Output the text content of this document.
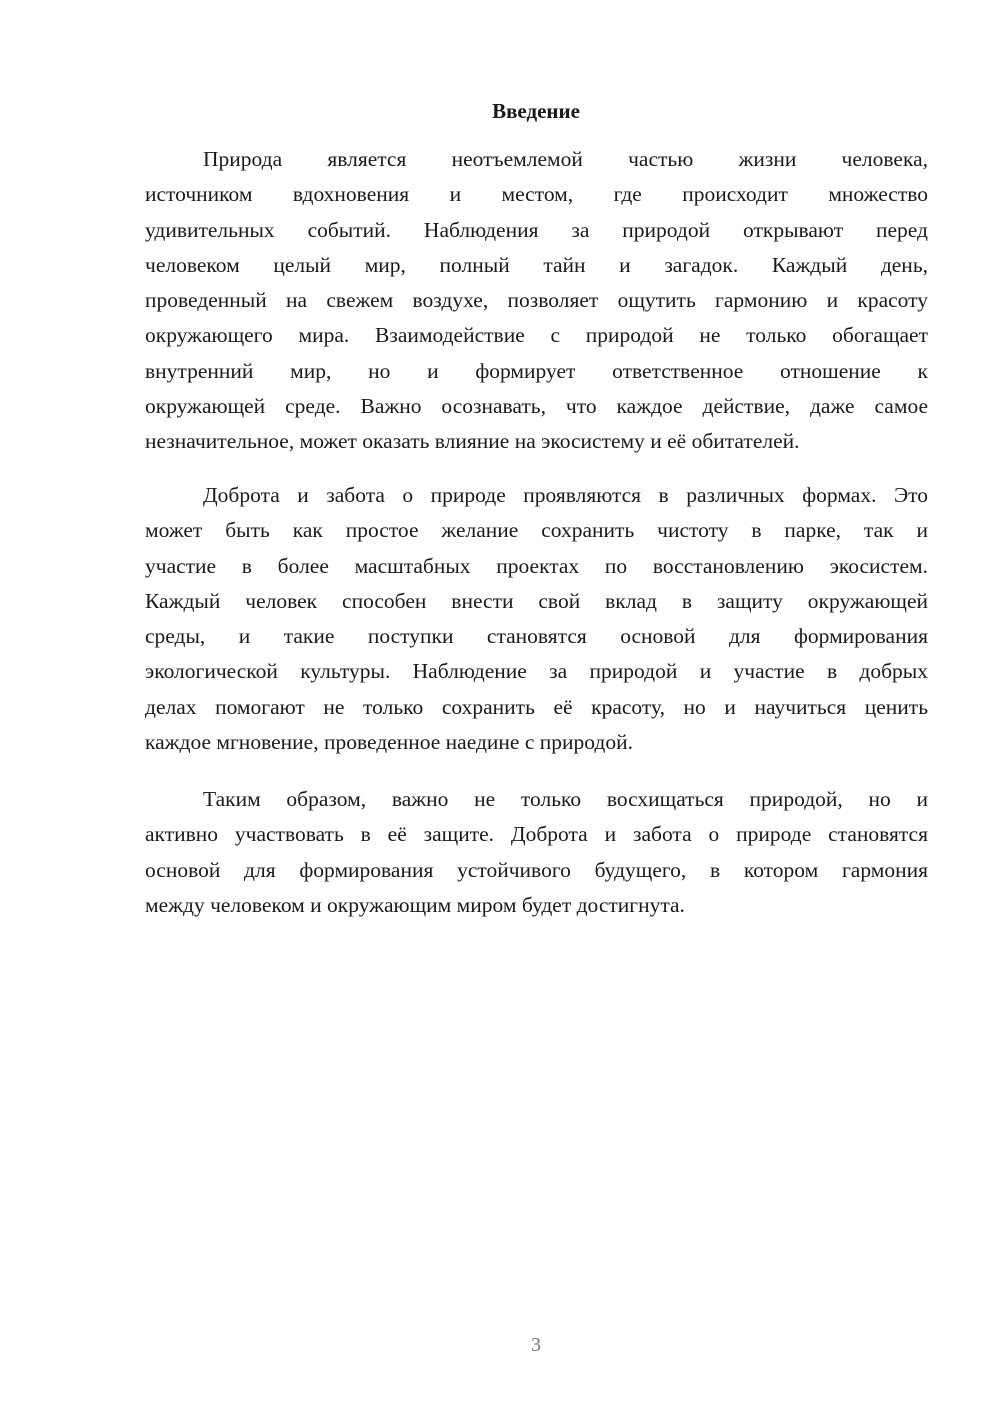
Введение
Природа является неотъемлемой частью жизни человека,
источником вдохновения и местом, где происходит множество
удивительных событий. Наблюдения за природой открывают перед
человеком целый мир, полный тайн и загадок. Каждый день,
проведенный на свежем воздухе, позволяет ощутить гармонию и красоту
окружающего мира. Взаимодействие с природой не только обогащает
внутренний мир, но и формирует ответственное отношение к
окружающей среде. Важно осознавать, что каждое действие, даже самое
незначительное, может оказать влияние на экосистему и её обитателей.
Доброта и забота о природе проявляются в различных формах. Это
может быть как простое желание сохранить чистоту в парке, так и
участие в более масштабных проектах по восстановлению экосистем.
Каждый человек способен внести свой вклад в защиту окружающей
среды, и такие поступки становятся основой для формирования
экологической культуры. Наблюдение за природой и участие в добрых
делах помогают не только сохранить её красоту, но и научиться ценить
каждое мгновение, проведенное наедине с природой.
Таким образом, важно не только восхищаться природой, но и
активно участвовать в её защите. Доброта и забота о природе становятся
основой для формирования устойчивого будущего, в котором гармония
между человеком и окружающим миром будет достигнута.
3
